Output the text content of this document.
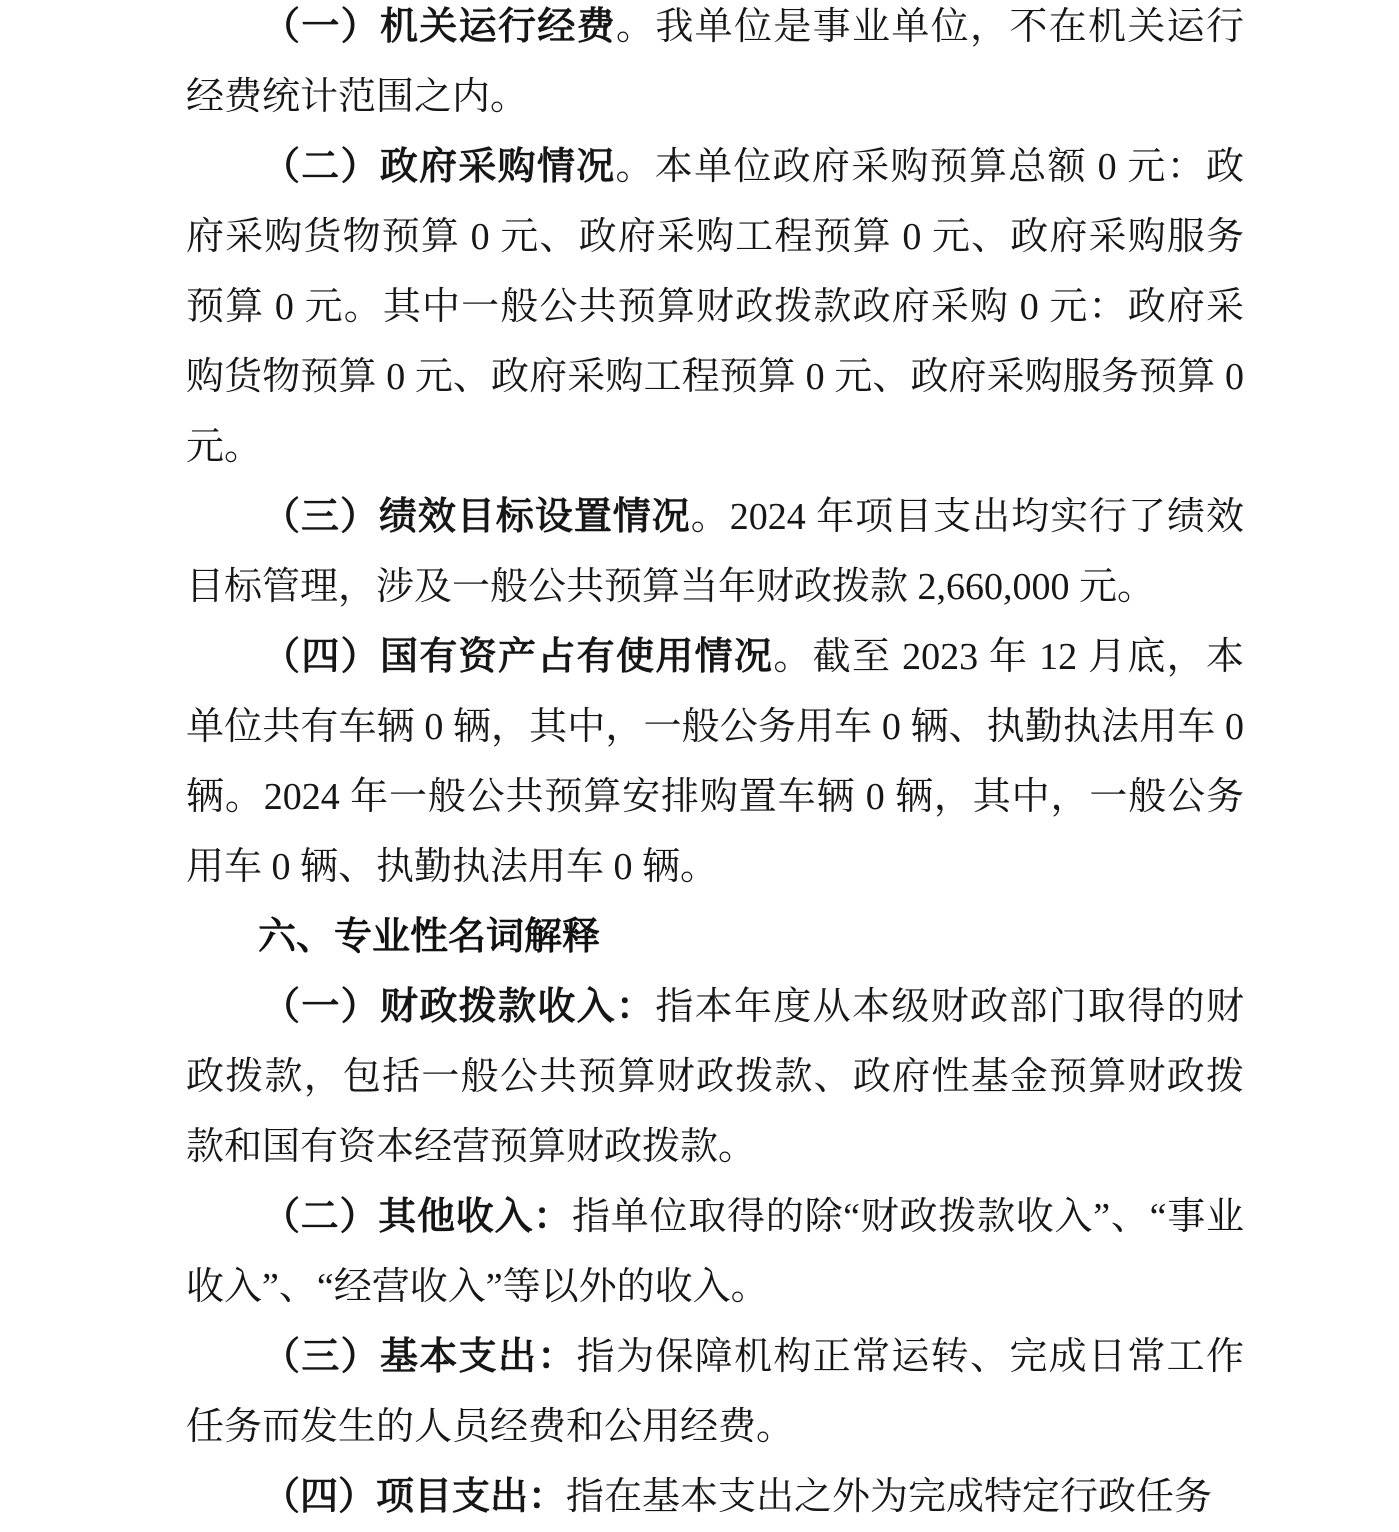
（一）机关运行经费。我单位是事业单位，不在机关运行经费统计范围之内。

（二）政府采购情况。本单位政府采购预算总额 0 元：政府采购货物预算 0 元、政府采购工程预算 0 元、政府采购服务预算 0 元。其中一般公共预算财政拨款政府采购 0 元：政府采购货物预算 0 元、政府采购工程预算 0 元、政府采购服务预算 0 元。

（三）绩效目标设置情况。2024 年项目支出均实行了绩效目标管理，涉及一般公共预算当年财政拨款 2,660,000 元。

（四）国有资产占有使用情况。截至 2023 年 12 月底，本单位共有车辆 0 辆，其中，一般公务用车 0 辆、执勤执法用车 0 辆。2024 年一般公共预算安排购置车辆 0 辆，其中，一般公务用车 0 辆、执勤执法用车 0 辆。

六、专业性名词解释

（一）财政拨款收入：指本年度从本级财政部门取得的财政拨款，包括一般公共预算财政拨款、政府性基金预算财政拨款和国有资本经营预算财政拨款。

（二）其他收入：指单位取得的除“财政拨款收入”、“事业收入”、“经营收入”等以外的收入。

（三）基本支出：指为保障机构正常运转、完成日常工作任务而发生的人员经费和公用经费。

（四）项目支出：指在基本支出之外为完成特定行政任务
